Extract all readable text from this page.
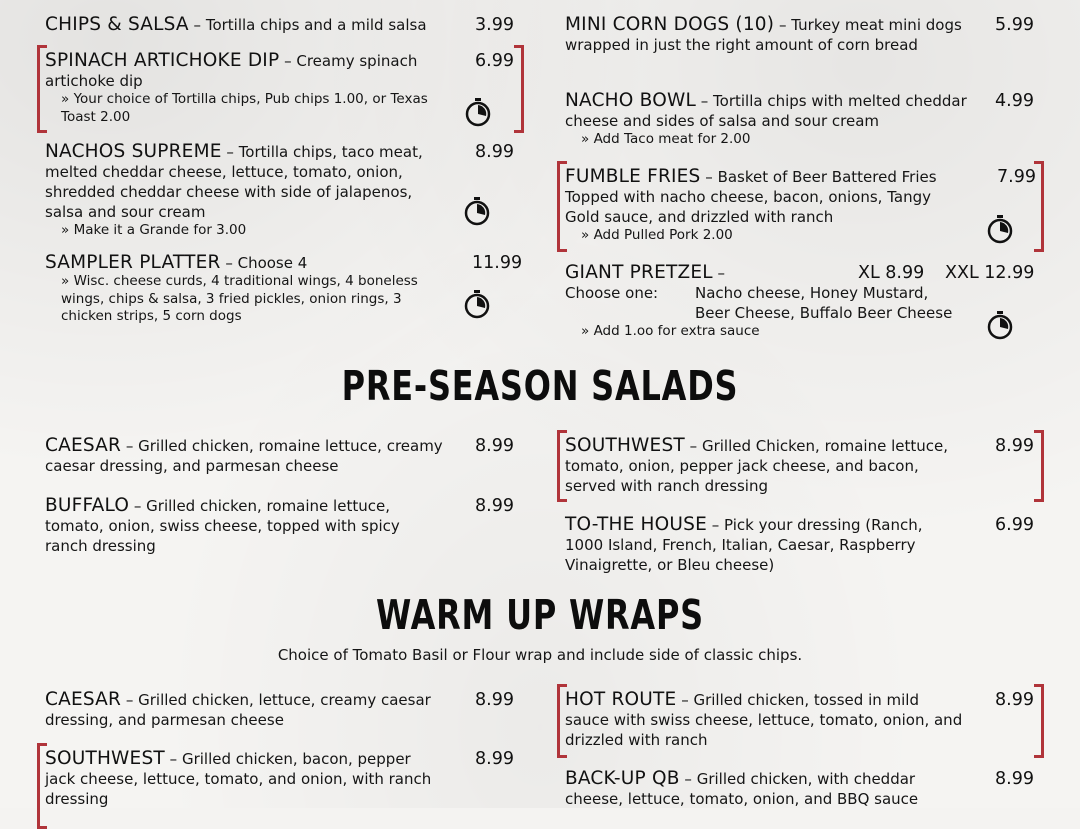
CHIPS & SALSA – Tortilla chips and a mild salsa	3.99
SPINACH ARTICHOKE DIP – Creamy spinach artichoke dip
» Your choice of Tortilla chips, Pub chips 1.00, or Texas Toast 2.00
6.99
NACHOS SUPREME – Tortilla chips, taco meat, melted cheddar cheese, lettuce, tomato, onion, shredded cheddar cheese with side of jalapenos, salsa and sour cream
» Make it a Grande for 3.00
8.99
SAMPLER PLATTER – Choose 4
» Wisc. cheese curds, 4 traditional wings, 4 boneless wings, chips & salsa, 3 fried pickles, onion rings, 3 chicken strips, 5 corn dogs
11.99
MINI CORN DOGS (10) – Turkey meat mini dogs wrapped in just the right amount of corn bread
5.99
NACHO BOWL – Tortilla chips with melted cheddar cheese and sides of salsa and sour cream
» Add Taco meat for 2.00
4.99
FUMBLE FRIES – Basket of Beer Battered Fries Topped with nacho cheese, bacon, onions, Tangy Gold sauce, and drizzled with ranch
» Add Pulled Pork 2.00
7.99
GIANT PRETZEL –
Choose one:	Nacho cheese, Honey Mustard, Beer Cheese, Buffalo Beer Cheese
» Add 1.oo for extra sauce
XL 8.99 XXL 12.99
PRE-SEASON SALADS
CAESAR – Grilled chicken, romaine lettuce, creamy caesar dressing, and parmesan cheese
8.99
BUFFALO – Grilled chicken, romaine lettuce, tomato, onion, swiss cheese, topped with spicy ranch dressing
8.99
SOUTHWEST – Grilled Chicken, romaine lettuce, tomato, onion, pepper jack cheese, and bacon, served with ranch dressing
8.99
TO-THE HOUSE – Pick your dressing (Ranch, 1000 Island, French, Italian, Caesar, Raspberry Vinaigrette, or Bleu cheese)
6.99
WARM UP WRAPS
Choice of Tomato Basil or Flour wrap and include side of classic chips.
CAESAR – Grilled chicken, lettuce, creamy caesar dressing, and parmesan cheese
8.99
SOUTHWEST – Grilled chicken, bacon, pepper jack cheese, lettuce, tomato, and onion, with ranch dressing
8.99
HOT ROUTE – Grilled chicken, tossed in mild sauce with swiss cheese, lettuce, tomato, onion, and drizzled with ranch
8.99
BACK-UP QB – Grilled chicken, with cheddar cheese, lettuce, tomato, onion, and BBQ sauce
8.99
